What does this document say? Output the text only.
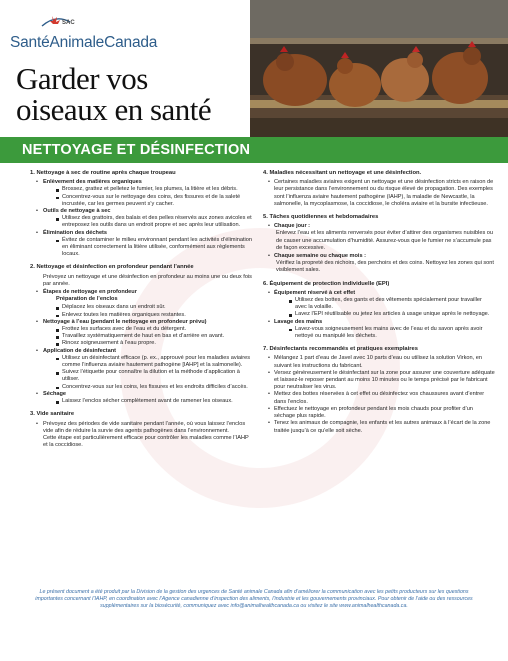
SAC
SantéAnimaleCanada
Garder vos
oiseaux en santé
NETTOYAGE ET DÉSINFECTION
1. Nettoyage à sec de routine après chaque troupeau
• Enlèvement des matières organiques
Brossez, grattez et pelletez le fumier, les plumes, la litière et les débris.
Concentrez-vous sur le nettoyage des coins, des fissures et de la saleté incrustée, car les germes peuvent s’y cacher.
• Outils de nettoyage à sec
Utilisez des grattoirs, des balais et des pelles réservés aux zones avicoles et entreposez les outils dans un endroit propre et sec après leur utilisation.
• Élimination des déchets
Évitez de contaminer le milieu environnant pendant les activités d’élimination en éliminant correctement la litière utilisée, conformément aux règlements locaux.
2. Nettoyage et désinfection en profondeur pendant l’année
Prévoyez un nettoyage et une désinfection en profondeur au moins une ou deux fois par année.
• Étapes de nettoyage en profondeur
Préparation de l’enclos
Déplacez les oiseaux dans un endroit sûr.
Enlevez toutes les matières organiques restantes.
• Nettoyage à l’eau (pendant le nettoyage en profondeur prévu)
Frottez les surfaces avec de l’eau et du détergent.
Travaillez systématiquement de haut en bas et d’arrière en avant.
Rincez soigneusement à l’eau propre.
• Application de désinfectant
Utilisez un désinfectant efficace (p. ex., approuvé pour les maladies aviaires comme l’influenza aviaire hautement pathogène [IAHP] et la salmonelle).
Suivez l’étiquette pour connaître la dilution et la méthode d’application à utiliser.
Concentrez-vous sur les coins, les fissures et les endroits difficiles d’accès.
• Séchage
Laissez l’enclos sécher complètement avant de ramener les oiseaux.
3. Vide sanitaire
• Prévoyez des périodes de vide sanitaire pendant l’année, où vous laissez l’enclos vide afin de réduire la survie des agents pathogènes dans l’environnement.
Cette étape est particulièrement efficace pour contrôler les maladies comme l’IAHP et la coccidiose.
4. Maladies nécessitant un nettoyage et une désinfection.
• Certaines maladies aviaires exigent un nettoyage et une désinfection stricts en raison de leur persistance dans l’environnement ou du risque élevé de propagation. Des exemples sont l’influenza aviaire hautement pathogène (IAHP), la maladie de Newcastle, la salmonelle, la mycoplasmose, la coccidiose, le choléra aviaire et la bursite infectieuse.
5. Tâches quotidiennes et hebdomadaires
• Chaque jour :
Enlevez l’eau et les aliments renversés pour éviter d’attirer des organismes nuisibles ou de causer une accumulation d’humidité. Assurez-vous que le fumier ne s’accumule pas de façon excessive.
• Chaque semaine ou chaque mois :
Vérifiez la propreté des nichoirs, des perchoirs et des coins. Nettoyez les zones qui sont visiblement sales.
6. Équipement de protection individuelle (EPI)
• Équipement réservé à cet effet
Utilisez des bottes, des gants et des vêtements spécialement pour travailler avec la volaille.
Lavez l’EPI réutilisable ou jetez les articles à usage unique après le nettoyage.
• Lavage des mains
Lavez-vous soigneusement les mains avec de l’eau et du savon après avoir nettoyé ou manipulé les déchets.
7. Désinfectants recommandés et pratiques exemplaires
• Mélangez 1 part d’eau de Javel avec 10 parts d’eau ou utilisez la solution Virkon, en suivant les instructions du fabricant.
• Versez généreusement le désinfectant sur la zone pour assurer une couverture adéquate et laissez-le reposer pendant au moins 10 minutes ou le temps précisé par le fabricant pour neutraliser les virus.
• Mettez des bottes réservées à cet effet ou désinfectez vos chaussures avant d’entrer dans l’enclos.
• Effectuez le nettoyage en profondeur pendant les mois chauds pour profiter d’un séchage plus rapide.
• Tenez les animaux de compagnie, les enfants et les autres animaux à l’écart de la zone traitée jusqu’à ce qu’elle soit sèche.
Le présent document a été produit par la Division de la gestion des urgences de Santé animale Canada afin d’améliorer la communication avec les petits producteurs sur les questions importantes concernant l’IAHP, en coordination avec l’Agence canadienne d’inspection des aliments, l’industrie et les gouvernements provinciaux. Pour obtenir de l’aide ou des ressources supplémentaires sur la biosécurité, communiquez avec info@animalhealthcanada.ca ou visitez le site www.animalhealthcanada.ca.
